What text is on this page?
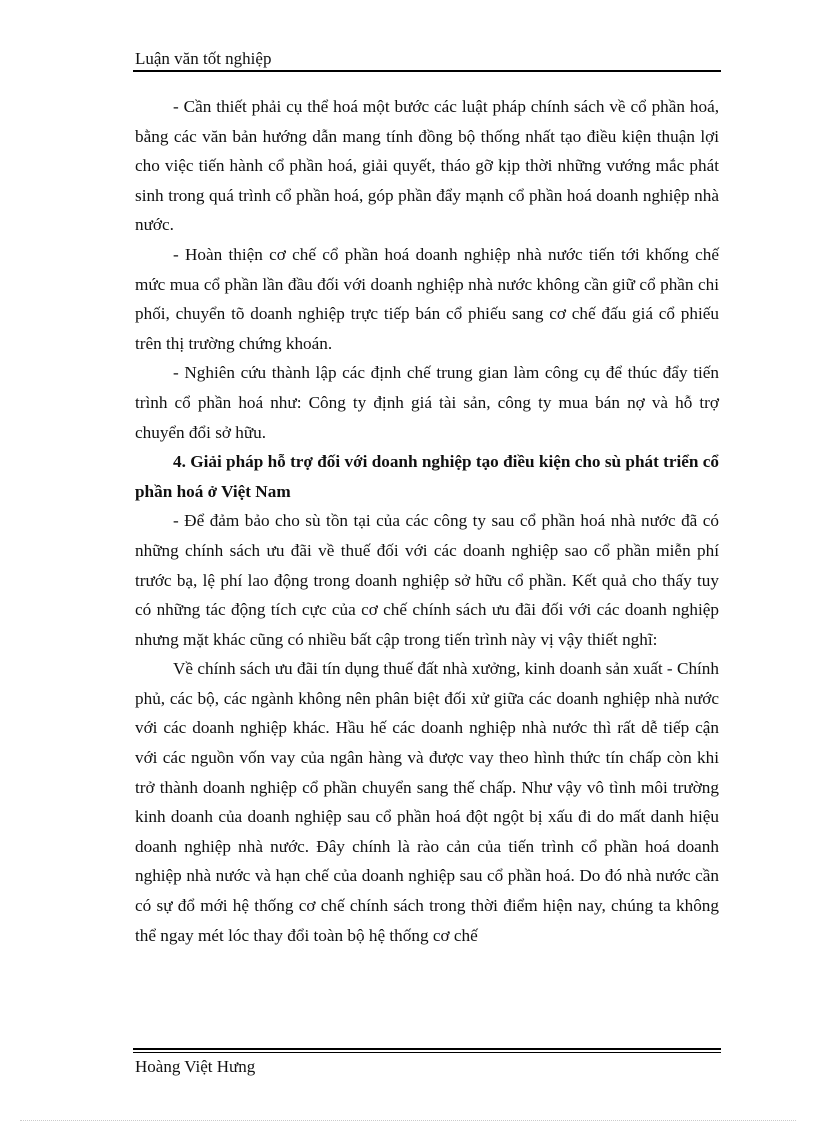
Luận văn tốt nghiệp

- Cần thiết phải cụ thể hoá một bước các luật pháp chính sách về cổ phần hoá, bằng các văn bản hướng dẫn mang tính đồng bộ thống nhất tạo điều kiện thuận lợi cho việc tiến hành cổ phần hoá, giải quyết, tháo gỡ kịp thời những vướng mắc phát sinh trong quá trình cổ phần hoá, góp phần đẩy mạnh cổ phần hoá doanh nghiệp nhà nước.

- Hoàn thiện cơ chế cổ phần hoá doanh nghiệp nhà nước tiến tới khống chế mức mua cổ phần lần đầu đối với doanh nghiệp nhà nước không cần giữ cổ phần chi phối, chuyển tõ doanh nghiệp trực tiếp bán cổ phiếu sang cơ chế đấu giá cổ phiếu trên thị trường chứng khoán.

- Nghiên cứu thành lập các định chế trung gian làm công cụ để thúc đẩy tiến trình cổ phần hoá như: Công ty định giá tài sản, công ty mua bán nợ và hỗ trợ chuyển đổi sở hữu.

4. Giải pháp hỗ trợ đối với doanh nghiệp tạo điều kiện cho sù phát triển cổ phần hoá ở Việt Nam

- Để đảm bảo cho sù tồn tại của các công ty sau cổ phần hoá nhà nước đã có những chính sách ưu đãi về thuế đối với các doanh nghiệp sao cổ phần miễn phí trước bạ, lệ phí lao động trong doanh nghiệp sở hữu cổ phần. Kết quả cho thấy tuy có những tác động tích cực của cơ chế chính sách ưu đãi đối với các doanh nghiệp nhưng mặt khác cũng có nhiều bất cập trong tiến trình này vị vậy thiết nghĩ:

Về chính sách ưu đãi tín dụng thuế đất nhà xưởng, kinh doanh sản xuất - Chính phủ, các bộ, các ngành không nên phân biệt đối xử giữa các doanh nghiệp nhà nước với các doanh nghiệp khác. Hầu hế các doanh nghiệp nhà nước thì rất dễ tiếp cận với các nguồn vốn vay của ngân hàng và được vay theo hình thức tín chấp còn khi trở thành doanh nghiệp cổ phần chuyển sang thế chấp. Như vậy vô tình môi trường kinh doanh của doanh nghiệp sau cổ phần hoá đột ngột bị xấu đi do mất danh hiệu doanh nghiệp nhà nước. Đây chính là rào cản của tiến trình cổ phần hoá doanh nghiệp nhà nước và hạn chế của doanh nghiệp sau cổ phần hoá. Do đó nhà nước cần có sự đổ mới hệ thống cơ chế chính sách trong thời điểm hiện nay, chúng ta không thể ngay mét lóc thay đổi toàn bộ hệ thống cơ chế

Hoàng Việt Hưng
